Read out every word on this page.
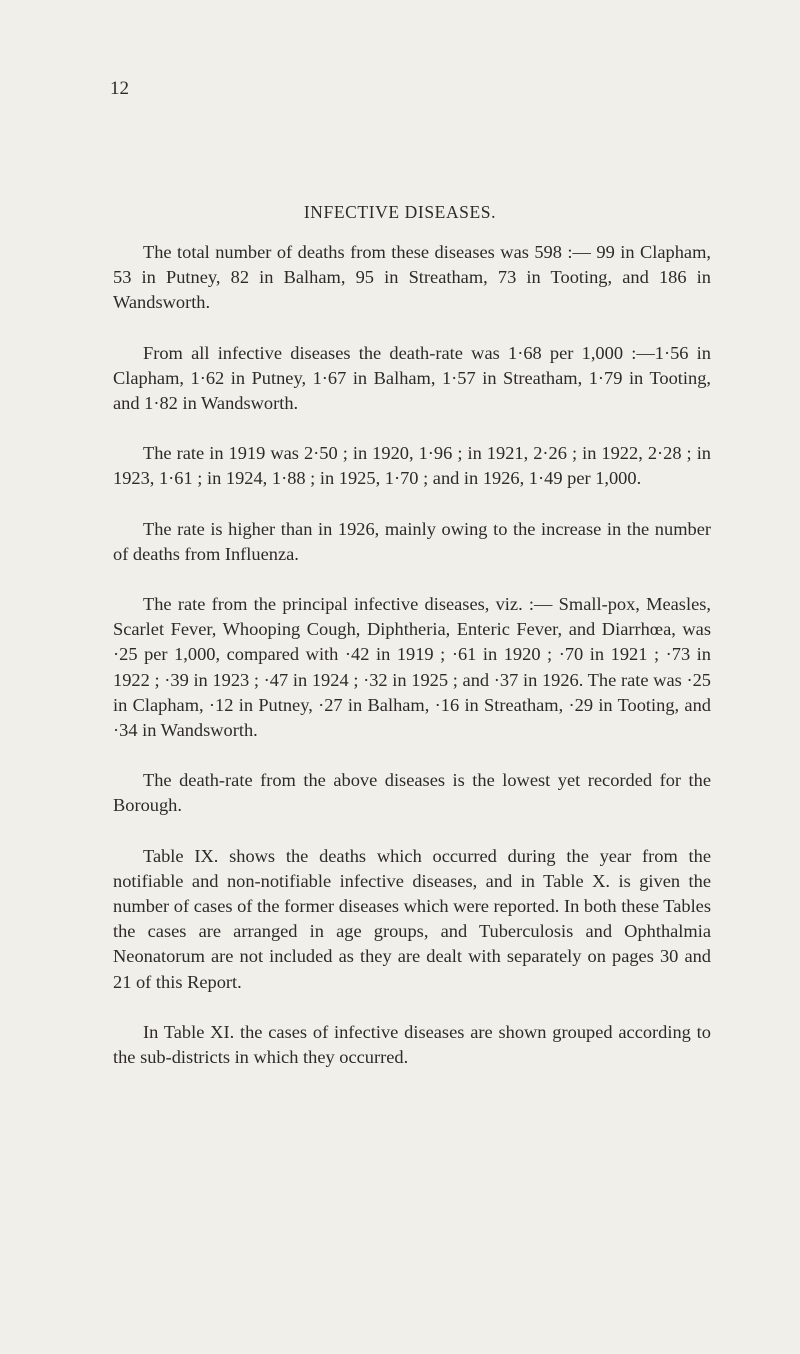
12
INFECTIVE DISEASES.

The total number of deaths from these diseases was 598 :— 99 in Clapham, 53 in Putney, 82 in Balham, 95 in Streatham, 73 in Tooting, and 186 in Wandsworth.

From all infective diseases the death-rate was 1·68 per 1,000 :—1·56 in Clapham, 1·62 in Putney, 1·67 in Balham, 1·57 in Streatham, 1·79 in Tooting, and 1·82 in Wandsworth.

The rate in 1919 was 2·50 ; in 1920, 1·96 ; in 1921, 2·26 ; in 1922, 2·28 ; in 1923, 1·61 ; in 1924, 1·88 ; in 1925, 1·70 ; and in 1926, 1·49 per 1,000.

The rate is higher than in 1926, mainly owing to the increase in the number of deaths from Influenza.

The rate from the principal infective diseases, viz. :— Small-pox, Measles, Scarlet Fever, Whooping Cough, Diphtheria, Enteric Fever, and Diarrhœa, was ·25 per 1,000, compared with ·42 in 1919 ; ·61 in 1920 ; ·70 in 1921 ; ·73 in 1922 ; ·39 in 1923 ; ·47 in 1924 ; ·32 in 1925 ; and ·37 in 1926. The rate was ·25 in Clapham, ·12 in Putney, ·27 in Balham, ·16 in Streatham, ·29 in Tooting, and ·34 in Wandsworth.

The death-rate from the above diseases is the lowest yet recorded for the Borough.

Table IX. shows the deaths which occurred during the year from the notifiable and non-notifiable infective diseases, and in Table X. is given the number of cases of the former diseases which were reported. In both these Tables the cases are arranged in age groups, and Tuberculosis and Ophthalmia Neonatorum are not included as they are dealt with separately on pages 30 and 21 of this Report.

In Table XI. the cases of infective diseases are shown grouped according to the sub-districts in which they occurred.
